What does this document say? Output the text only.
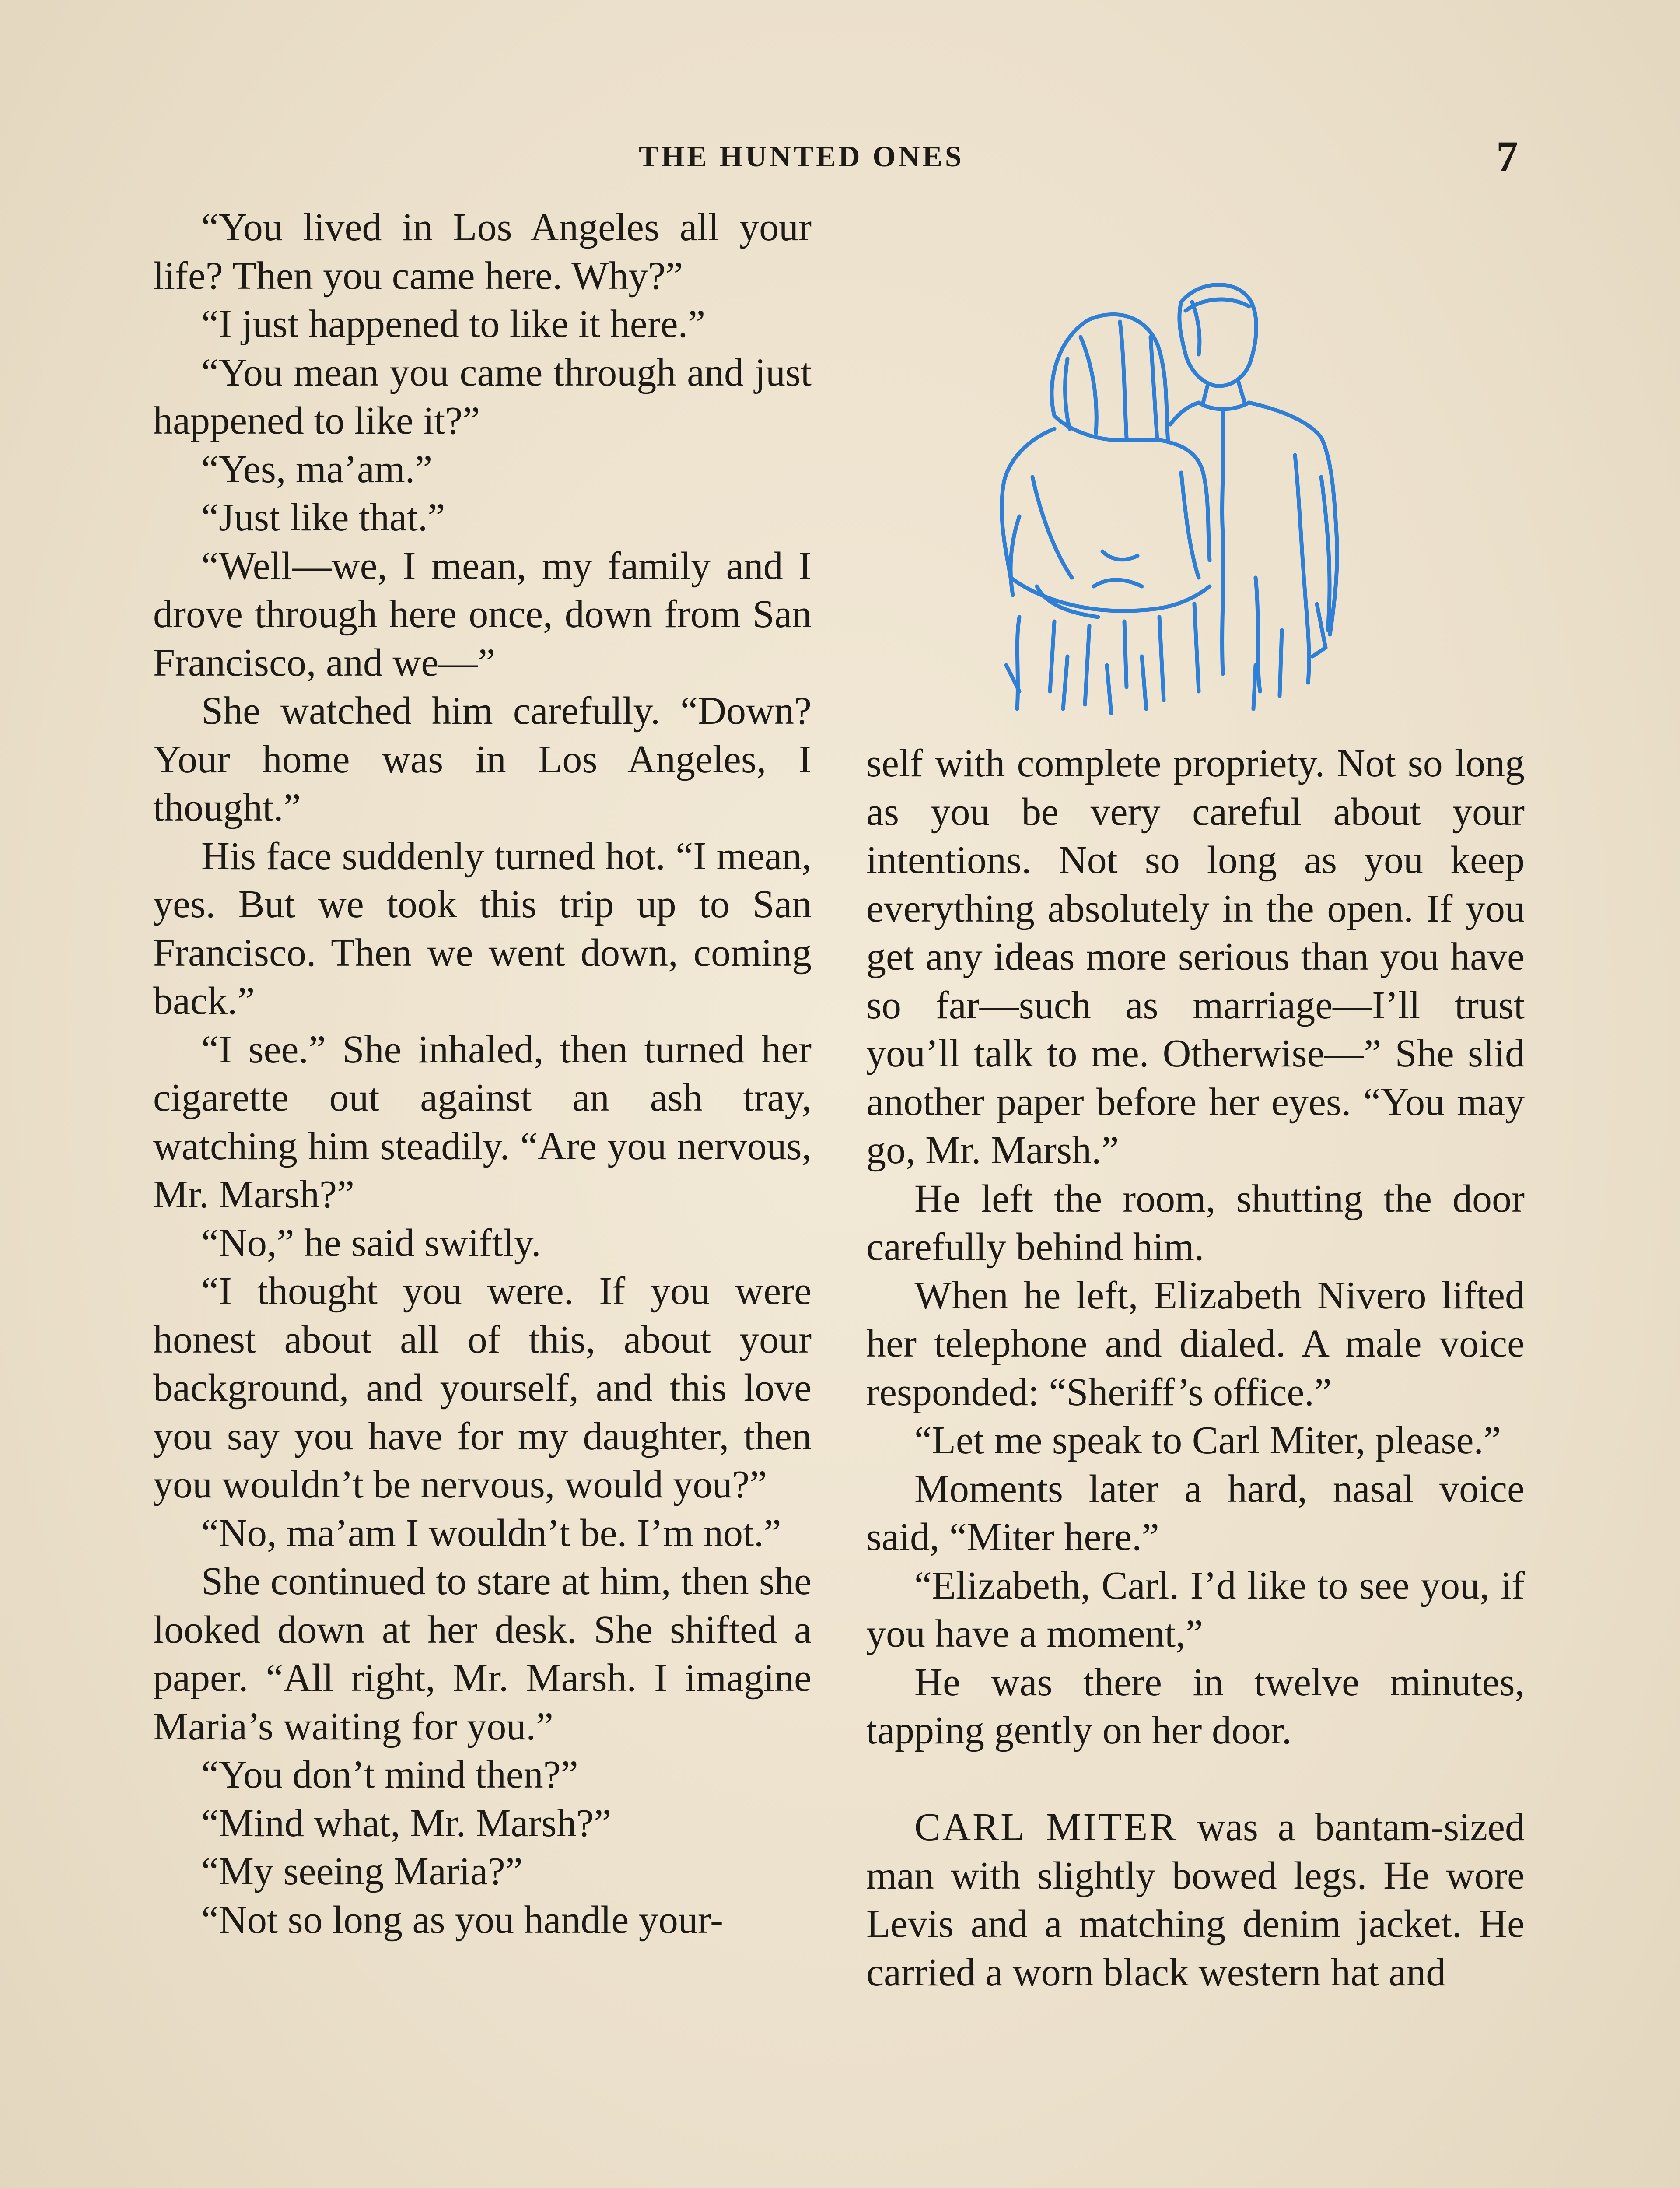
THE HUNTED ONES	7

“You lived in Los Angeles all your life? Then you came here. Why?”

“I just happened to like it here.”

“You mean you came through and just happened to like it?”

“Yes, ma’am.”

“Just like that.”

“Well—we, I mean, my family and I drove through here once, down from San Francisco, and we—”

She watched him carefully. “Down? Your home was in Los Angeles, I thought.”

His face suddenly turned hot. “I mean, yes. But we took this trip up to San Francisco. Then we went down, coming back.”

“I see.” She inhaled, then turned her cigarette out against an ash tray, watching him steadily. “Are you nervous, Mr. Marsh?”

“No,” he said swiftly.

“I thought you were. If you were honest about all of this, about your background, and yourself, and this love you say you have for my daughter, then you wouldn’t be nervous, would you?”

“No, ma’am I wouldn’t be. I’m not.”

She continued to stare at him, then she looked down at her desk. She shifted a paper. “All right, Mr. Marsh. I imagine Maria’s waiting for you.”

“You don’t mind then?”

“Mind what, Mr. Marsh?”

“My seeing Maria?”

“Not so long as you handle your-

self with complete propriety. Not so long as you be very careful about your intentions. Not so long as you keep everything absolutely in the open. If you get any ideas more serious than you have so far—such as marriage—I’ll trust you’ll talk to me. Otherwise—” She slid another paper before her eyes. “You may go, Mr. Marsh.”

He left the room, shutting the door carefully behind him.

When he left, Elizabeth Nivero lifted her telephone and dialed. A male voice responded: “Sheriff’s office.”

“Let me speak to Carl Miter, please.”

Moments later a hard, nasal voice said, “Miter here.”

“Elizabeth, Carl. I’d like to see you, if you have a moment,”

He was there in twelve minutes, tapping gently on her door.

CARL MITER was a bantam-sized man with slightly bowed legs. He wore Levis and a matching denim jacket. He carried a worn black western hat and
